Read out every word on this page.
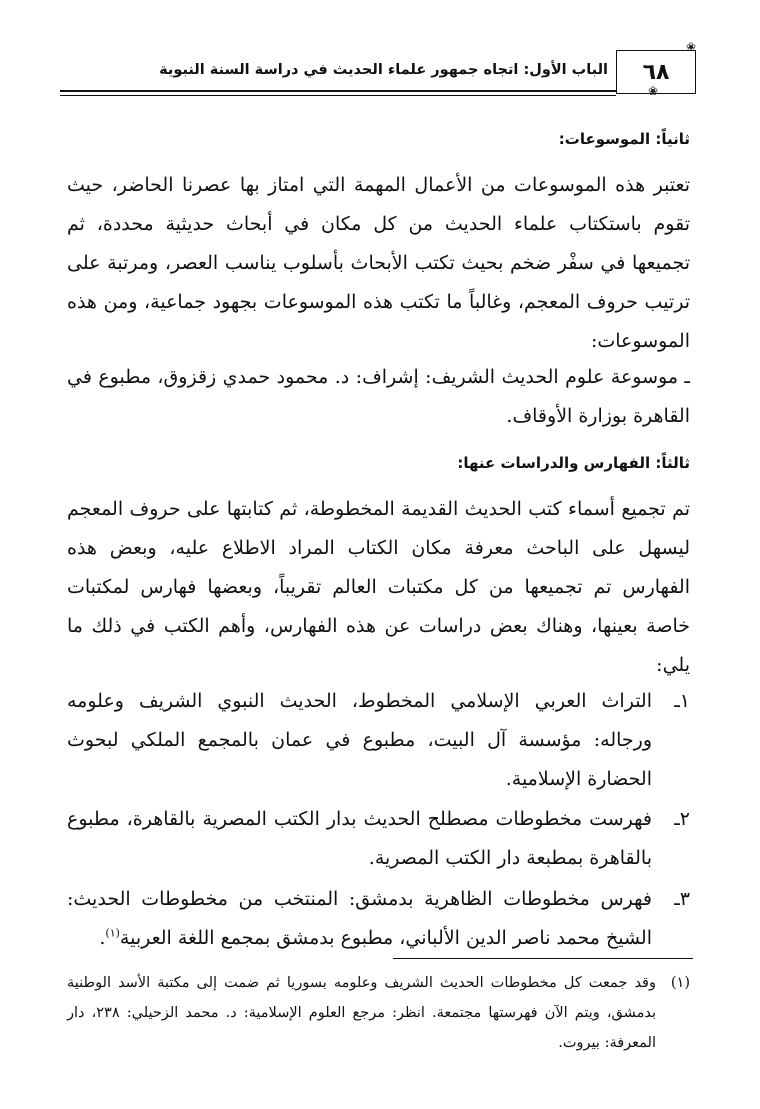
الباب الأول: اتجاه جمهور علماء الحديث في دراسة السنة النبوية ٦٨
❀
❀
ثانياً: الموسوعات:
تعتبر هذه الموسوعات من الأعمال المهمة التي امتاز بها عصرنا الحاضر، حيث تقوم باستكتاب علماء الحديث من كل مكان في أبحاث حديثية محددة، ثم تجميعها في سفْر ضخم بحيث تكتب الأبحاث بأسلوب يناسب العصر، ومرتبة على ترتيب حروف المعجم، وغالباً ما تكتب هذه الموسوعات بجهود جماعية، ومن هذه الموسوعات:
ـ موسوعة علوم الحديث الشريف: إشراف: د. محمود حمدي زقزوق، مطبوع في القاهرة بوزارة الأوقاف.
ثالثاً: الفهارس والدراسات عنها:
تم تجميع أسماء كتب الحديث القديمة المخطوطة، ثم كتابتها على حروف المعجم ليسهل على الباحث معرفة مكان الكتاب المراد الاطلاع عليه، وبعض هذه الفهارس تم تجميعها من كل مكتبات العالم تقريباً، وبعضها فهارس لمكتبات خاصة بعينها، وهناك بعض دراسات عن هذه الفهارس، وأهم الكتب في ذلك ما يلي:
١ـ
التراث العربي الإسلامي المخطوط، الحديث النبوي الشريف وعلومه ورجاله: مؤسسة آل البيت، مطبوع في عمان بالمجمع الملكي لبحوث الحضارة الإسلامية.
٢ـ
فهرست مخطوطات مصطلح الحديث بدار الكتب المصرية بالقاهرة، مطبوع بالقاهرة بمطبعة دار الكتب المصرية.
٣ـ
فهرس مخطوطات الظاهرية بدمشق: المنتخب من مخطوطات الحديث: الشيخ محمد ناصر الدين الألباني، مطبوع بدمشق بمجمع اللغة العربية$^{(١)}$.
(١)
وقد جمعت كل مخطوطات الحديث الشريف وعلومه بسوريا ثم ضمت إلى مكتبة الأسد الوطنية بدمشق، ويتم الآن فهرستها مجتمعة. انظر: مرجع العلوم الإسلامية: د. محمد الزحيلي: ٢٣٨، دار المعرفة: بيروت.
